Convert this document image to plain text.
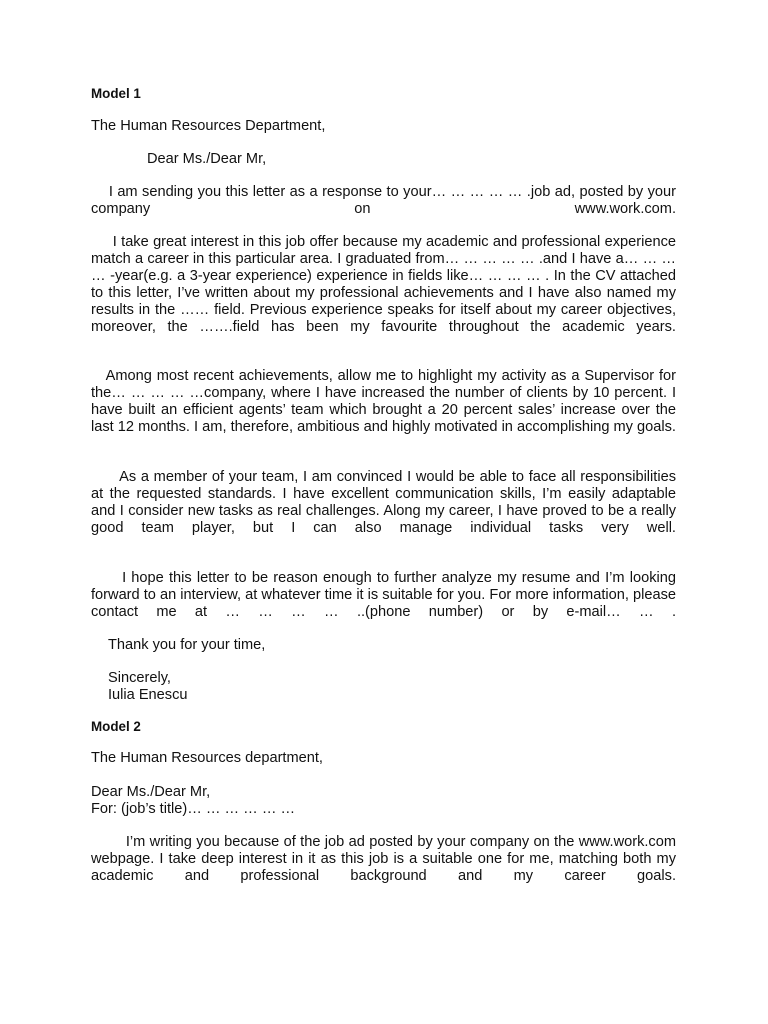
Model 1

The Human Resources Department,

Dear Ms./Dear Mr,

I am sending you this letter as a response to your… … … … … .job ad, posted by your company on www.work.com.

I take great interest in this job offer because my academic and professional experience match a career in this particular area. I graduated from… … … … … .and I have a… … … … -year(e.g. a 3-year experience) experience in fields like… … … … . In the CV attached to this letter, I’ve written about my professional achievements and I have also named my results in the …… field. Previous experience speaks for itself about my career objectives, moreover, the …….field has been my favourite throughout the academic years.

Among most recent achievements, allow me to highlight my activity as a Supervisor for the… … … … …company, where I have increased the number of clients by 10 percent. I have built an efficient agents’ team which brought a 20 percent sales’ increase over the last 12 months. I am, therefore, ambitious and highly motivated in accomplishing my goals.

As a member of your team, I am convinced I would be able to face all responsibilities at the requested standards. I have excellent communication skills, I’m easily adaptable and I consider new tasks as real challenges. Along my career, I have proved to be a really good team player, but I can also manage individual tasks very well.

I hope this letter to be reason enough to further analyze my resume and I’m looking forward to an interview, at whatever time it is suitable for you. For more information, please contact me at … … … … ..(phone number) or by e-mail… … .

Thank you for your time,

Sincerely,

Iulia Enescu

Model 2

The Human Resources department,

Dear Ms./Dear Mr,

For: (job’s title)… … … … … …

I’m writing you because of the job ad posted by your company on the www.work.com webpage. I take deep interest in it as this job is a suitable one for me, matching both my academic and professional background and my career goals.
